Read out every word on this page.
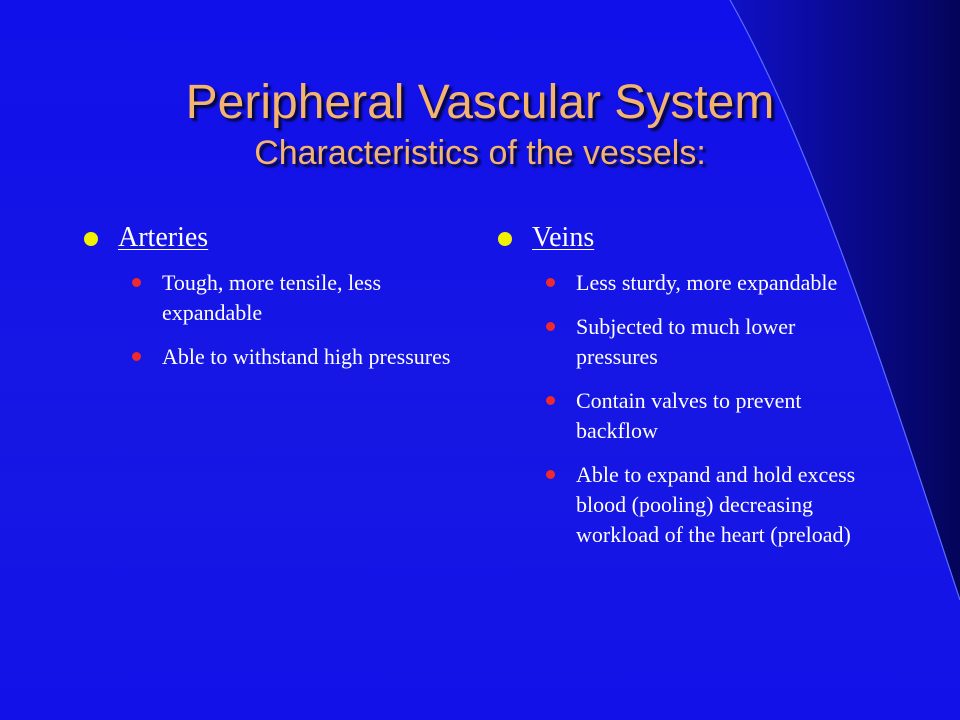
Peripheral Vascular System
Characteristics of the vessels:
Arteries
Tough, more tensile, less expandable
Able to withstand high pressures
Veins
Less sturdy, more expandable
Subjected to much lower pressures
Contain valves to prevent backflow
Able to expand and hold excess blood (pooling) decreasing workload of the heart (preload)
